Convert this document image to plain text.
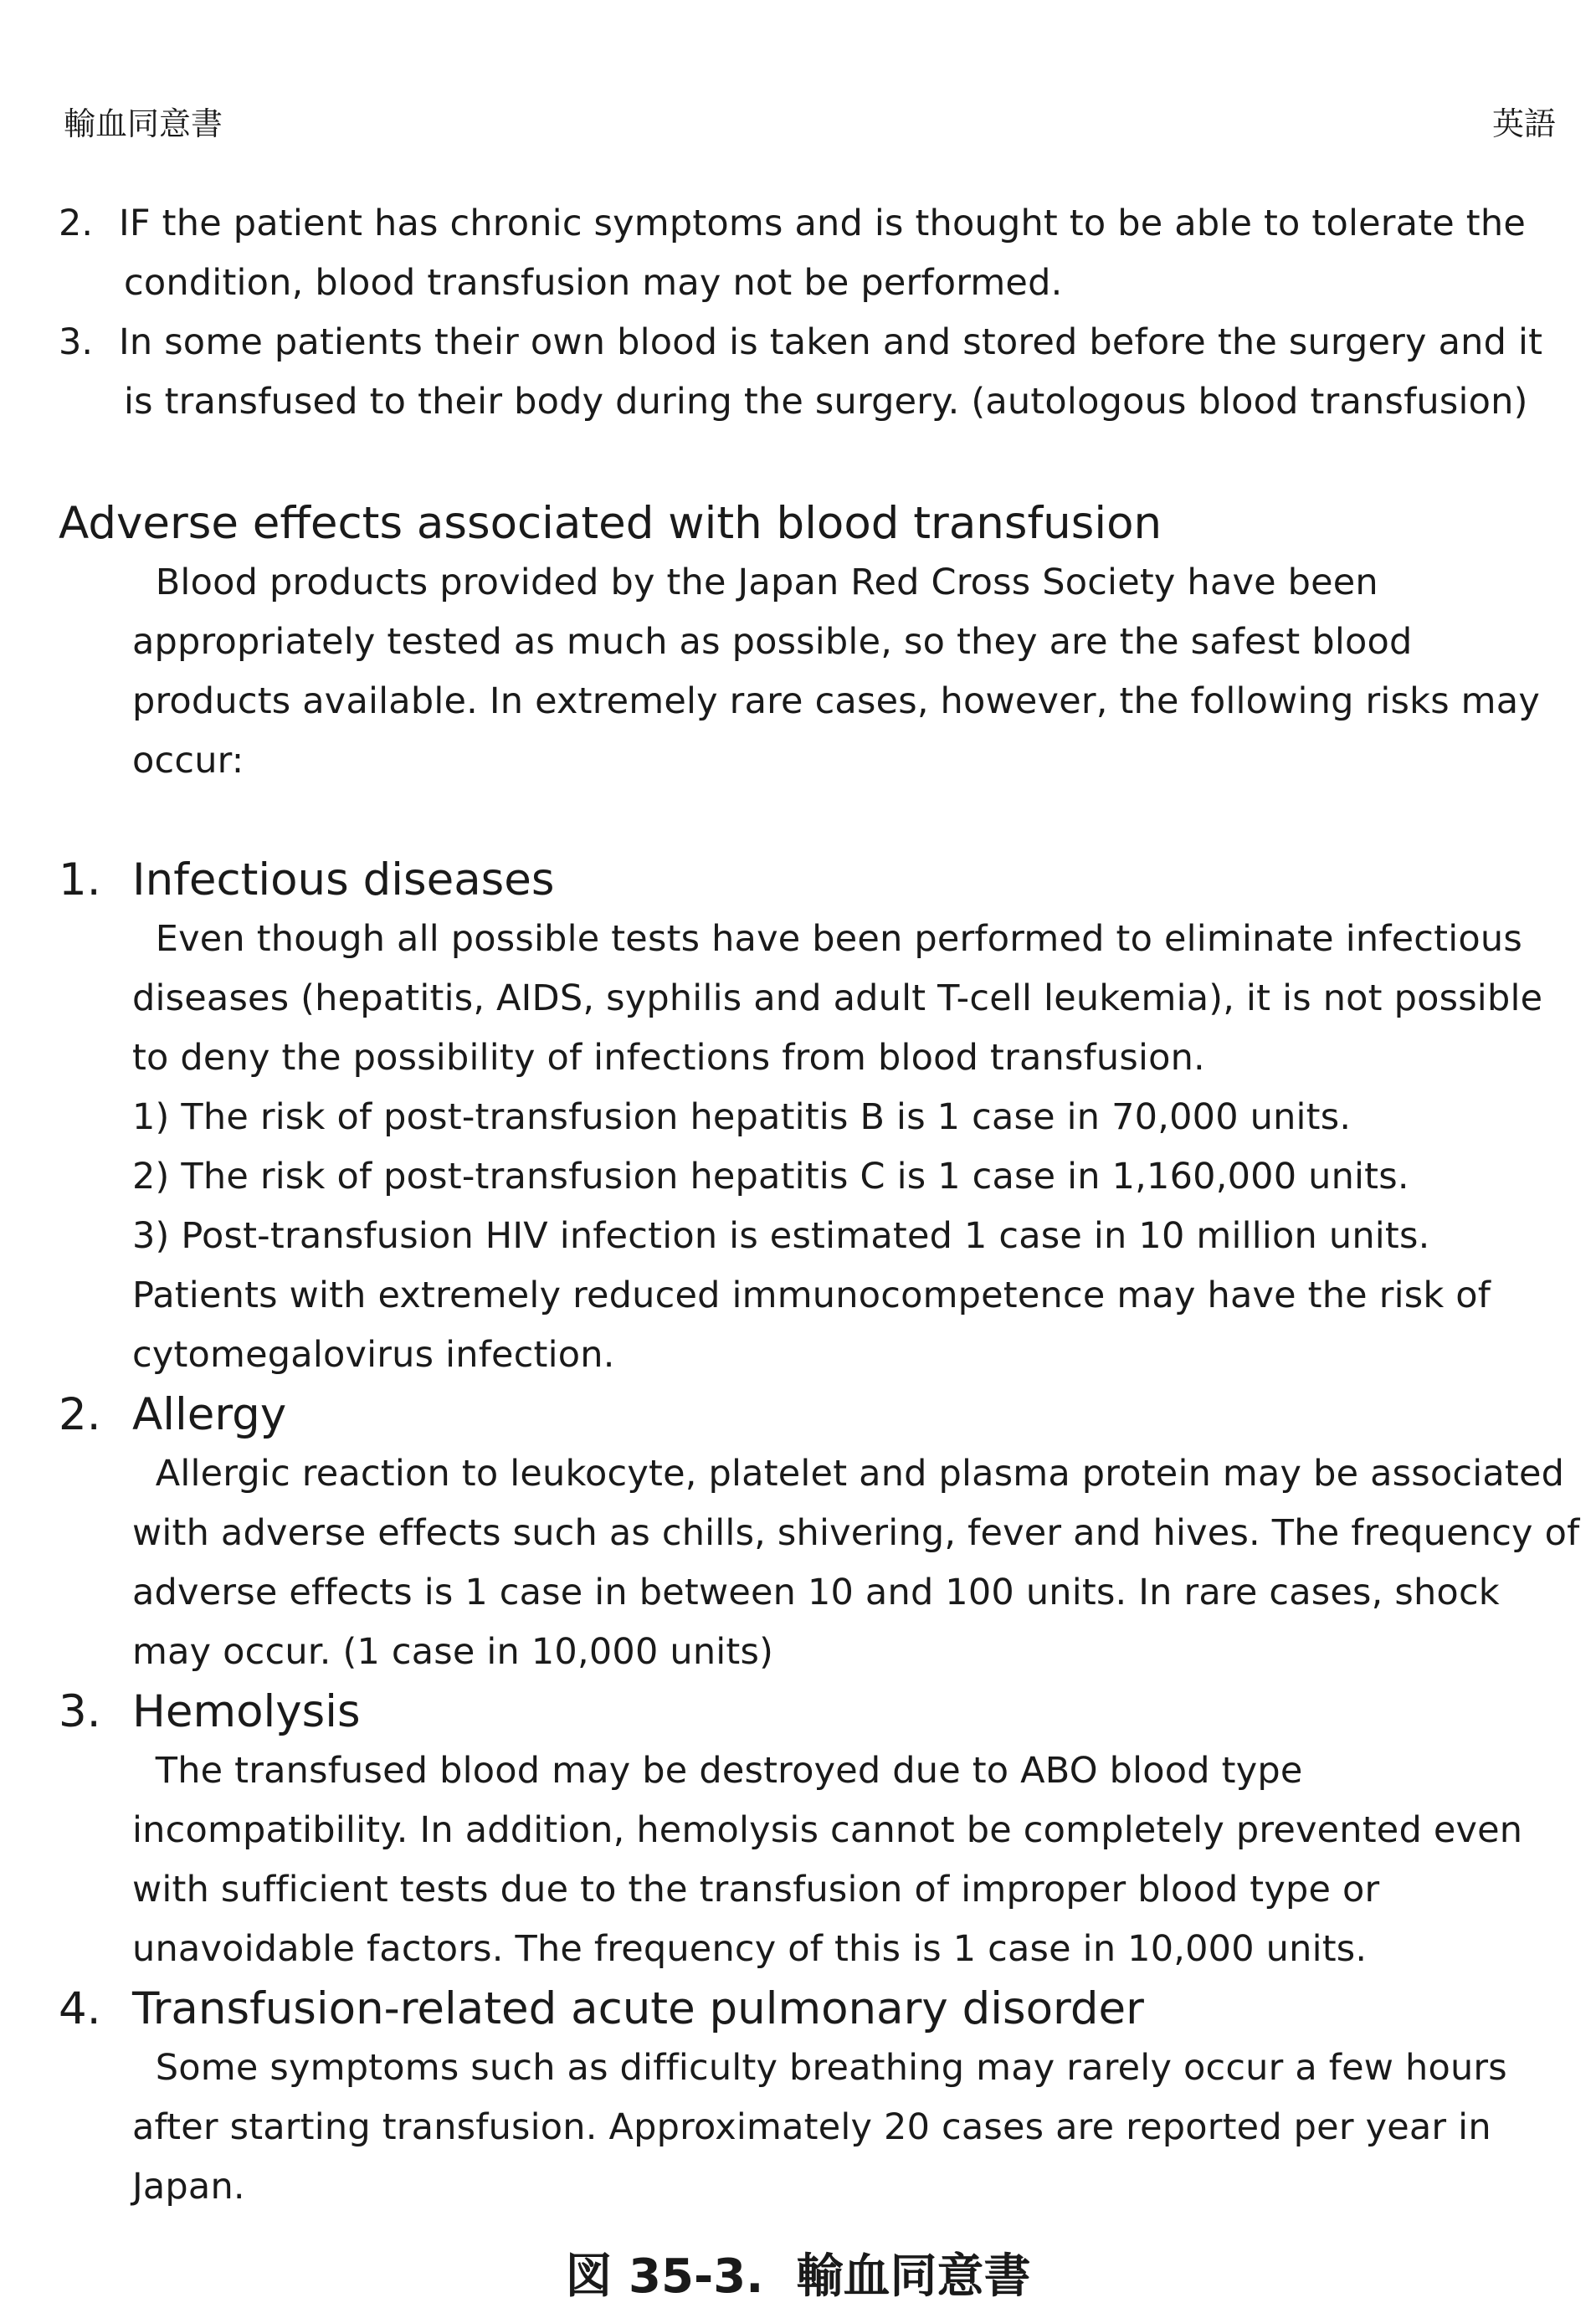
輸血同意書	英語
2. IF the patient has chronic symptoms and is thought to be able to tolerate the
condition, blood transfusion may not be performed.
3. In some patients their own blood is taken and stored before the surgery and it
is transfused to their body during the surgery. (autologous blood transfusion)
Adverse effects associated with blood transfusion
Blood products provided by the Japan Red Cross Society have been
appropriately tested as much as possible, so they are the safest blood
products available. In extremely rare cases, however, the following risks may
occur:
1. Infectious diseases
Even though all possible tests have been performed to eliminate infectious
diseases (hepatitis, AIDS, syphilis and adult T-cell leukemia), it is not possible
to deny the possibility of infections from blood transfusion.
1) The risk of post-transfusion hepatitis B is 1 case in 70,000 units.
2) The risk of post-transfusion hepatitis C is 1 case in 1,160,000 units.
3) Post-transfusion HIV infection is estimated 1 case in 10 million units.
Patients with extremely reduced immunocompetence may have the risk of
cytomegalovirus infection.
2. Allergy
Allergic reaction to leukocyte, platelet and plasma protein may be associated
with adverse effects such as chills, shivering, fever and hives. The frequency of
adverse effects is 1 case in between 10 and 100 units. In rare cases, shock
may occur. (1 case in 10,000 units)
3. Hemolysis
The transfused blood may be destroyed due to ABO blood type
incompatibility. In addition, hemolysis cannot be completely prevented even
with sufficient tests due to the transfusion of improper blood type or
unavoidable factors. The frequency of this is 1 case in 10,000 units.
4. Transfusion-related acute pulmonary disorder
Some symptoms such as difficulty breathing may rarely occur a few hours
after starting transfusion. Approximately 20 cases are reported per year in
Japan.
図 35-3.  輸血同意書
